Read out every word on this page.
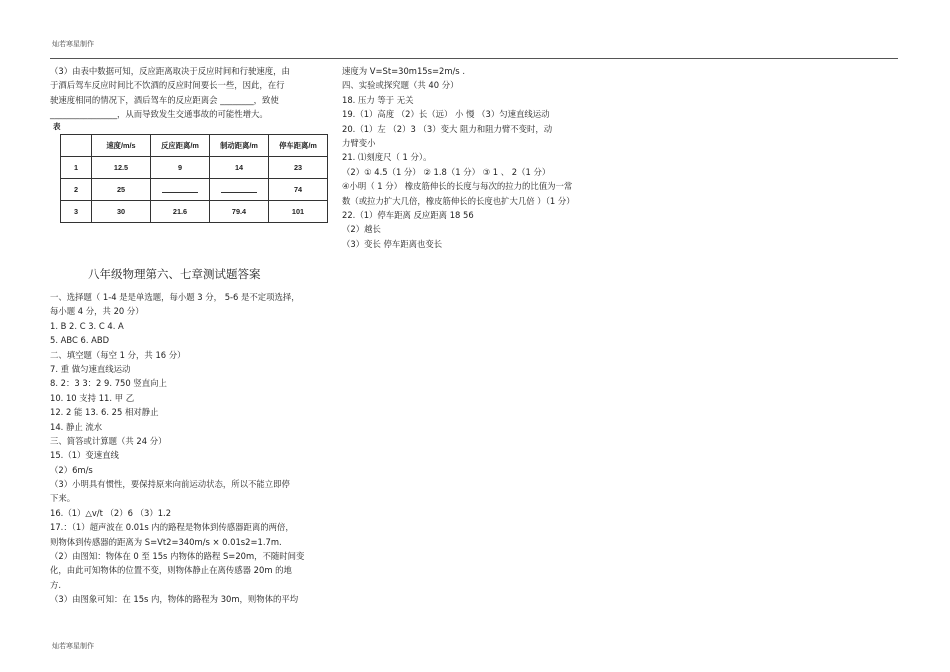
灿若寒星制作
（3）由表中数据可知，反应距离取决于反应时间和行驶速度，由
于酒后驾车反应时间比不饮酒的反应时间要长一些，因此，在行
驶速度相同的情况下，酒后驾车的反应距离会 ________，致使
________________，从而导致发生交通事故的可能性增大。
表
	速度/m/s	反应距离/m	制动距离/m	停车距离/m
1	12.5	9	14	23
2	25			74
3	30	21.6	79.4	101
八年级物理第六、七章测试题答案
一、选择题（ 1-4 是是单选题，每小题 3 分， 5-6 是不定项选择，
每小题 4 分，共 20 分）
1. B 2. C 3. C 4. A
5. ABC 6. ABD
二、填空题（每空 1 分，共 16 分）
7. 重 做匀速直线运动
8. 2：3 3：2 9. 750 竖直向上
10. 10 支持 11. 甲 乙
12. 2 能 13. 6. 25 相对静止
14. 静止 流水
三、简答或计算题（共 24 分）
15.（1）变速直线
（2）6m/s
（3）小明具有惯性，要保持原来向前运动状态，所以不能立即停
下来。
16.（1）△v/t （2）6 （3）1.2
17.：（1）超声波在 0.01s 内的路程是物体到传感器距离的两倍，
则物体到传感器的距离为 S=Vt2=340m/s × 0.01s2=1.7m.
（2）由图知：物体在 0 至 15s 内物体的路程 S=20m，不随时间变
化，由此可知物体的位置不变，则物体静止在离传感器 20m 的地
方.
（3）由图象可知：在 15s 内，物体的路程为 30m，则物体的平均
速度为 V=St=30m15s=2m/s .
四、实验或探究题（共 40 分）
18. 压力 等于 无关
19.（1）高度 （2）长（远） 小 慢 （3）匀速直线运动
20.（1）左 （2）3 （3）变大 阻力和阻力臂不变时，动
力臂变小
21. ⑴刻度尺（ 1 分）。
（2）① 4.5（1 分） ② 1.8（1 分） ③ 1 、 2（1 分）
④小明（ 1 分） 橡皮筋伸长的长度与每次的拉力的比值为一常
数（或拉力扩大几倍，橡皮筋伸长的长度也扩大几倍 ）（1 分）
22.（1）停车距离 反应距离 18 56
（2）越长
（3）变长 停车距离也变长
灿若寒星制作
